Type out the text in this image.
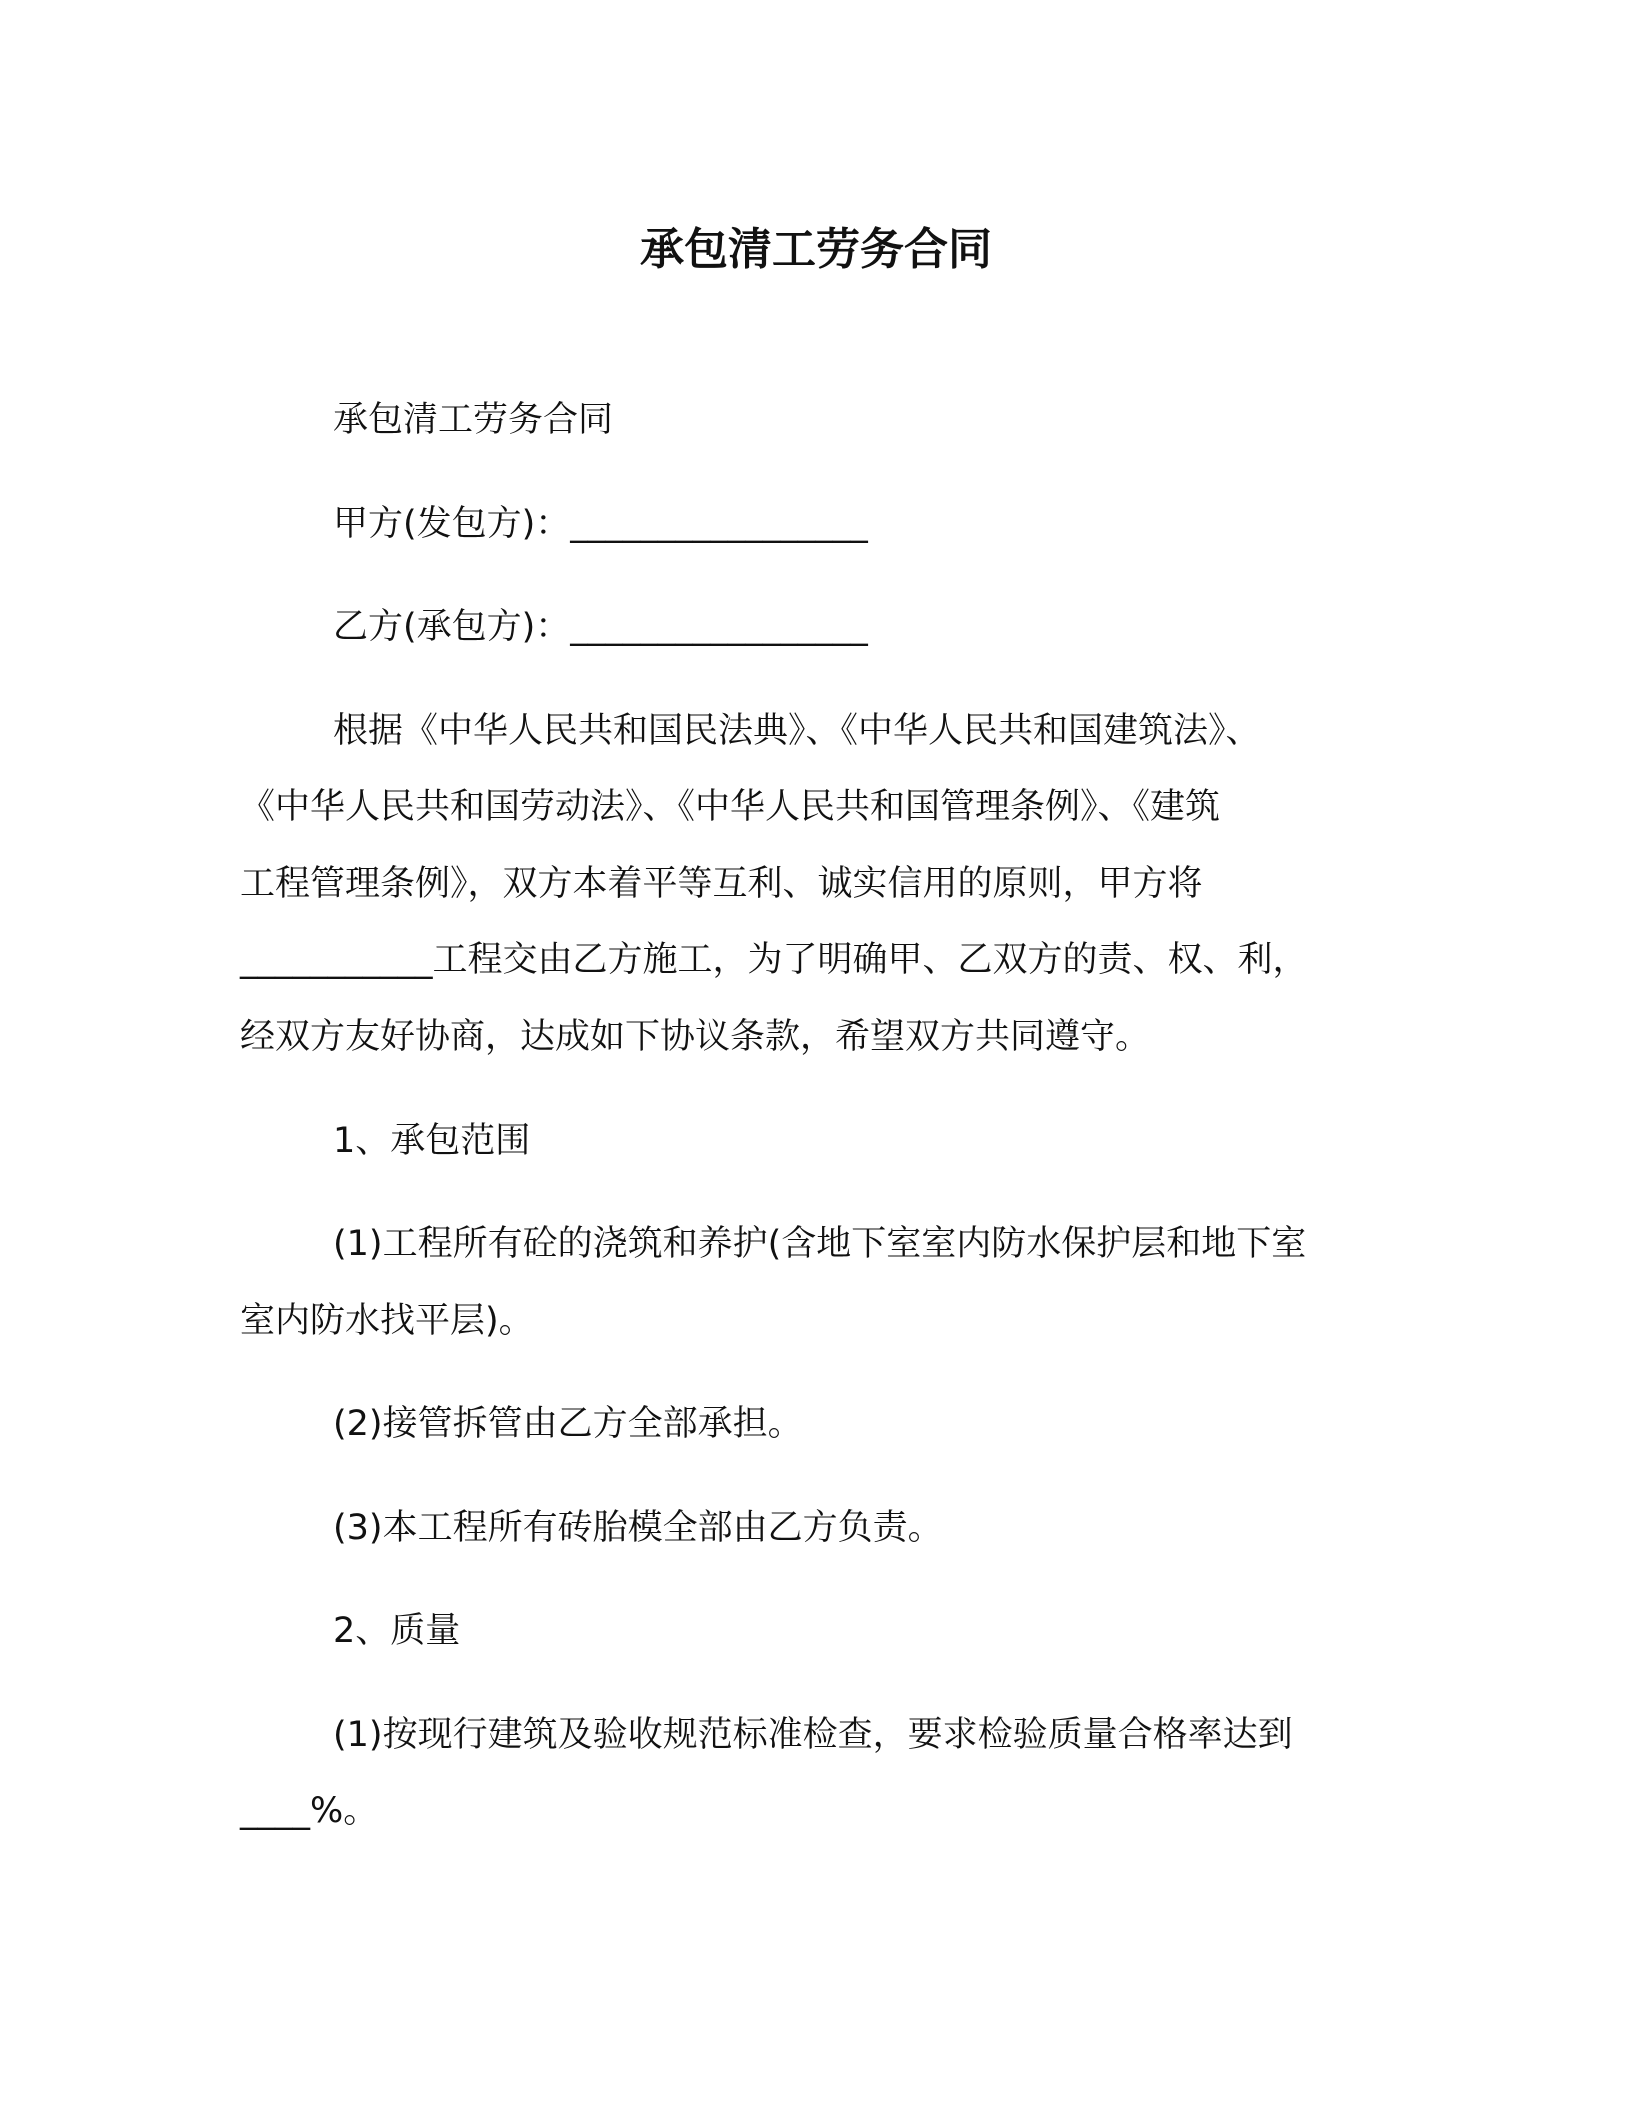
承包清工劳务合同
承包清工劳务合同
甲方(发包方)：_________________
乙方(承包方)：_________________
根据《中华人民共和国民法典》、《中华人民共和国建筑法》、
《中华人民共和国劳动法》、《中华人民共和国管理条例》、《建筑
工程管理条例》，双方本着平等互利、诚实信用的原则，甲方将
___________工程交由乙方施工，为了明确甲、乙双方的责、权、利，
经双方友好协商，达成如下协议条款，希望双方共同遵守。
1、承包范围
(1)工程所有砼的浇筑和养护(含地下室室内防水保护层和地下室
室内防水找平层)。
(2)接管拆管由乙方全部承担。
(3)本工程所有砖胎模全部由乙方负责。
2、质量
(1)按现行建筑及验收规范标准检查，要求检验质量合格率达到
____%。
